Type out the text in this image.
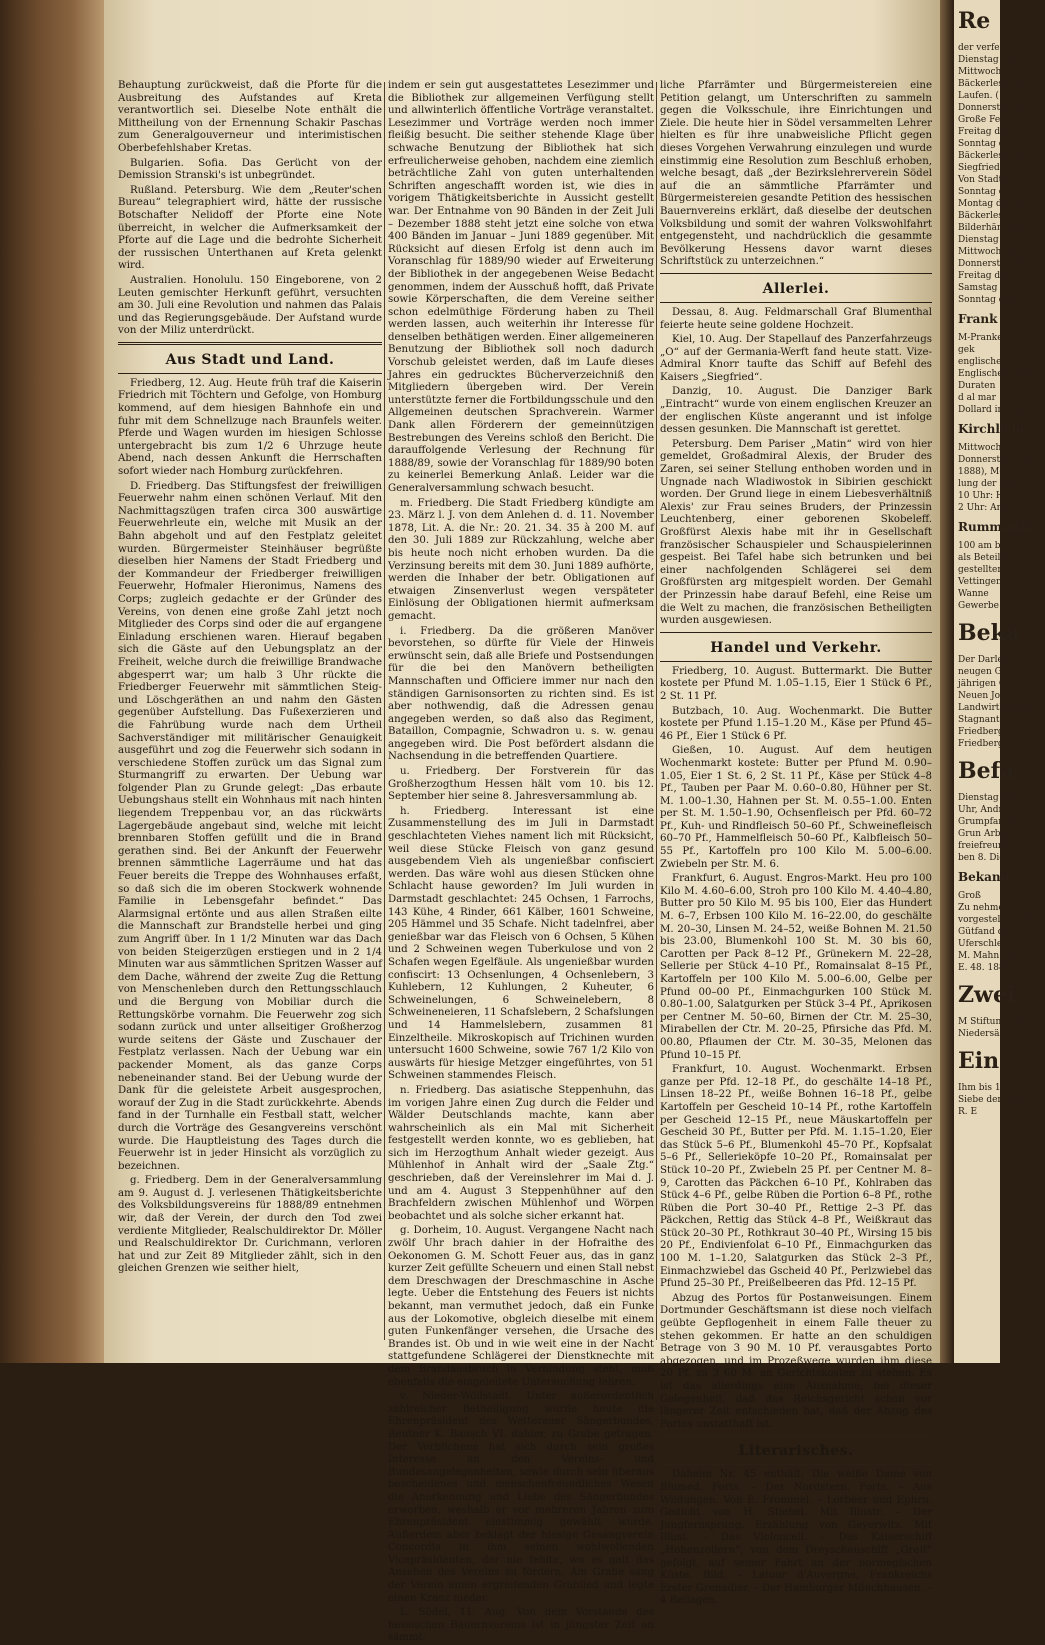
Behauptung zurückweist, daß die Pforte für die Ausbreitung des Aufstandes auf Kreta verantwortlich sei. Dieselbe Note enthält die Mittheilung von der Ernennung Schakir Paschas zum Generalgouverneur und interimistischen Oberbefehlshaber Kretas.

Bulgarien. Sofia. Das Gerücht von der Demission Stranski's ist unbegründet.

Rußland. Petersburg. Wie dem „Reuter'schen Bureau“ telegraphiert wird, hätte der russische Botschafter Nelidoff der Pforte eine Note überreicht, in welcher die Aufmerksamkeit der Pforte auf die Lage und die bedrohte Sicherheit der russischen Unterthanen auf Kreta gelenkt wird.

Australien. Honolulu. 150 Eingeborene, von 2 Leuten gemischter Herkunft geführt, versuchten am 30. Juli eine Revolution und nahmen das Palais und das Regierungsgebäude. Der Aufstand wurde von der Miliz unterdrückt.

Aus Stadt und Land.

Friedberg, 12. Aug. Heute früh traf die Kaiserin Friedrich mit Töchtern und Gefolge, von Homburg kommend, auf dem hiesigen Bahnhofe ein und fuhr mit dem Schnellzuge nach Braunfels weiter. Pferde und Wagen wurden im hiesigen Schlosse untergebracht bis zum 1/2 6 Uhrzuge heute Abend, nach dessen Ankunft die Herrschaften sofort wieder nach Homburg zurückfehren.

D. Friedberg. Das Stiftungsfest der freiwilligen Feuerwehr nahm einen schönen Verlauf. Mit den Nachmittagszügen trafen circa 300 auswärtige Feuerwehrleute ein, welche mit Musik an der Bahn abgeholt und auf den Festplatz geleitet wurden. Bürgermeister Steinhäuser begrüßte dieselben hier Namens der Stadt Friedberg und der Kommandeur der Friedberger freiwilligen Feuerwehr, Hofmaler Hieronimus, Namens des Corps; zugleich gedachte er der Gründer des Vereins, von denen eine große Zahl jetzt noch Mitglieder des Corps sind oder die auf ergangene Einladung erschienen waren. Hierauf begaben sich die Gäste auf den Uebungsplatz an der Freiheit, welche durch die freiwillige Brandwache abgesperrt war; um halb 3 Uhr rückte die Friedberger Feuerwehr mit sämmtlichen Steig- und Löschgeräthen an und nahm den Gästen gegenüber Aufstellung. Das Fußexerzieren und die Fahrübung wurde nach dem Urtheil Sachverständiger mit militärischer Genauigkeit ausgeführt und zog die Feuerwehr sich sodann in verschiedene Stoffen zurück um das Signal zum Sturmangriff zu erwarten. Der Uebung war folgender Plan zu Grunde gelegt: „Das erbaute Uebungshaus stellt ein Wohnhaus mit nach hinten liegendem Treppenbau vor, an das rückwärts Lagergebäude angebaut sind, welche mit leicht brennbaren Stoffen gefüllt und die in Brand gerathen sind. Bei der Ankunft der Feuerwehr brennen sämmtliche Lagerräume und hat das Feuer bereits die Treppe des Wohnhauses erfaßt, so daß sich die im oberen Stockwerk wohnende Familie in Lebensgefahr befindet.“ Das Alarmsignal ertönte und aus allen Straßen eilte die Mannschaft zur Brandstelle herbei und ging zum Angriff über. In 1 1/2 Minuten war das Dach von beiden Steigerzügen erstiegen und in 2 1/4 Minuten war aus sämmtlichen Spritzen Wasser auf dem Dache, während der zweite Zug die Rettung von Menschenleben durch den Rettungsschlauch und die Bergung von Mobiliar durch die Rettungskörbe vornahm. Die Feuerwehr zog sich sodann zurück und unter allseitiger Großherzog wurde seitens der Gäste und Zuschauer der Festplatz verlassen. Nach der Uebung war ein packender Moment, als das ganze Corps nebeneinander stand. Bei der Uebung wurde der Dank für die geleistete Arbeit ausgesprochen, worauf der Zug in die Stadt zurückkehrte. Abends fand in der Turnhalle ein Festball statt, welcher durch die Vorträge des Gesangvereins verschönt wurde. Die Hauptleistung des Tages durch die Feuerwehr ist in jeder Hinsicht als vorzüglich zu bezeichnen.

g. Friedberg. Dem in der Generalversammlung am 9. August d. J. verlesenen Thätigkeitsberichte des Volksbildungsvereins für 1888/89 entnehmen wir, daß der Verein, der durch den Tod zwei verdiente Mitglieder, Realschuldirektor Dr. Möller und Realschuldirektor Dr. Curichmann, verloren hat und zur Zeit 89 Mitglieder zählt, sich in den gleichen Grenzen wie seither hielt,

indem er sein gut ausgestattetes Lesezimmer und die Bibliothek zur allgemeinen Verfügung stellt und allwinterlich öffentliche Vorträge veranstaltet. Lesezimmer und Vorträge werden noch immer fleißig besucht. Die seither stehende Klage über schwache Benutzung der Bibliothek hat sich erfreulicherweise gehoben, nachdem eine ziemlich beträchtliche Zahl von guten unterhaltenden Schriften angeschafft worden ist, wie dies in vorigem Thätigkeitsberichte in Aussicht gestellt war. Der Entnahme von 90 Bänden in der Zeit Juli – Dezember 1888 steht jetzt eine solche von etwa 400 Bänden im Januar – Juni 1889 gegenüber. Mit Rücksicht auf diesen Erfolg ist denn auch im Voranschlag für 1889/90 wieder auf Erweiterung der Bibliothek in der angegebenen Weise Bedacht genommen, indem der Ausschuß hofft, daß Private sowie Körperschaften, die dem Vereine seither schon edelmüthige Förderung haben zu Theil werden lassen, auch weiterhin ihr Interesse für denselben bethätigen werden. Einer allgemeineren Benutzung der Bibliothek soll noch dadurch Vorschub geleistet werden, daß im Laufe dieses Jahres ein gedrucktes Bücherverzeichniß den Mitgliedern übergeben wird. Der Verein unterstützte ferner die Fortbildungsschule und den Allgemeinen deutschen Sprachverein. Warmer Dank allen Förderern der gemeinnützigen Bestrebungen des Vereins schloß den Bericht. Die darauffolgende Verlesung der Rechnung für 1888/89, sowie der Voranschlag für 1889/90 boten zu keinerlei Bemerkung Anlaß. Leider war die Generalversammlung schwach besucht.

m. Friedberg. Die Stadt Friedberg kündigte am 23. März l. J. von dem Anlehen d. d. 11. November 1878, Lit. A. die Nr.: 20. 21. 34. 35 à 200 M. auf den 30. Juli 1889 zur Rückzahlung, welche aber bis heute noch nicht erhoben wurden. Da die Verzinsung bereits mit dem 30. Juni 1889 aufhörte, werden die Inhaber der betr. Obligationen auf etwaigen Zinsenverlust wegen verspäteter Einlösung der Obligationen hiermit aufmerksam gemacht.

i. Friedberg. Da die größeren Manöver bevorstehen, so dürfte für Viele der Hinweis erwünscht sein, daß alle Briefe und Postsendungen für die bei den Manövern betheiligten Mannschaften und Officiere immer nur nach den ständigen Garnisonsorten zu richten sind. Es ist aber nothwendig, daß die Adressen genau angegeben werden, so daß also das Regiment, Bataillon, Compagnie, Schwadron u. s. w. genau angegeben wird. Die Post befördert alsdann die Nachsendung in die betreffenden Quartiere.

u. Friedberg. Der Forstverein für das Großherzogthum Hessen hält vom 10. bis 12. September hier seine 8. Jahresversammlung ab.

h. Friedberg. Interessant ist eine Zusammenstellung des im Juli in Darmstadt geschlachteten Viehes nament lich mit Rücksicht, weil diese Stücke Fleisch von ganz gesund ausgebendem Vieh als ungenießbar confisciert werden. Das wäre wohl aus diesen Stücken ohne Schlacht hause geworden? Im Juli wurden in Darmstadt geschlachtet: 245 Ochsen, 1 Farrochs, 143 Kühe, 4 Rinder, 661 Kälber, 1601 Schweine, 205 Hämmel und 35 Schafe. Nicht tadelnfrei, aber genießbar war das Fleisch von 6 Ochsen, 5 Kühen und 2 Schweinen wegen Tuberkulose und von 2 Schafen wegen Egelfäule. Als ungenießbar wurden confiscirt: 13 Ochsenlungen, 4 Ochsenlebern, 3 Kuhlebern, 12 Kuhlungen, 2 Kuheuter, 6 Schweinelungen, 6 Schweinelebern, 8 Schweineneieren, 11 Schafslebern, 2 Schafslungen und 14 Hammelslebern, zusammen 81 Einzeltheile. Mikroskopisch auf Trichinen wurden untersucht 1600 Schweine, sowie 767 1/2 Kilo von auswärts für hiesige Metzger eingeführtes, von 51 Schweinen stammendes Fleisch.

n. Friedberg. Das asiatische Steppenhuhn, das im vorigen Jahre einen Zug durch die Felder und Wälder Deutschlands machte, kann aber wahrscheinlich als ein Mal mit Sicherheit festgestellt werden konnte, wo es geblieben, hat sich im Herzogthum Anhalt wieder gezeigt. Aus Mühlenhof in Anhalt wird der „Saale Ztg.“ geschrieben, daß der Vereinslehrer im Mai d. J. und am 4. August 3 Steppenhühner auf den Brachfeldern zwischen Mühlenhof und Wörpen beobachtet und als solche sicher erkannt hat.

g. Dorheim, 10. August. Vergangene Nacht nach zwölf Uhr brach dahier in der Hofraithe des Oekonomen G. M. Schott Feuer aus, das in ganz kurzer Zeit gefüllte Scheuern und einen Stall nebst dem Dreschwagen der Dreschmaschine in Asche legte. Ueber die Entstehung des Feuers ist nichts bekannt, man vermuthet jedoch, daß ein Funke aus der Lokomotive, obgleich dieselbe mit einem guten Funkenfänger versehen, die Ursache des Brandes ist. Ob und in wie weit eine in der Nacht stattgefundene Schlägerei der Dienstknechte mit dem Brandausbruch in Verbindung steht, muß ebenfalls die eingeleitete Untersuchung lehren.

v. Nieder-Wöllstadt. Unter außerordentlich zahlreicher Betheiligung wurde heute die Ehrenpräsident des Wetterauer Sängerbundes, Rentner K. Bausch VI. dahier, zu Grabe getragen. Der Verblichene hat sich durch sein großes Interesse an den Vereins- und Bundesangelegenheiten, sowie durch sein überaus bescheidenes und menschenfreundliches Wesen die Anerkennung und Liebe des Sängerbundes erworben, weshalb er vor mehreren Jahren zum Ehrenpräsident einstimmig gewählt wurde. Außerdem aber beklagt der hiesige Gesangverein Concordia in ihm seinen wohlwollenden Vicepräsidenten, der nie fehlte, wo es galt das Ansehen des Vereins zu fördern. Am Grabe sang der Verein einen ergreifenden Grablied und legte einen Kranz nieder.

L. Södel, 11. Aug. Von dem Vorstande des hessischen Bauernvereins ist in jüngster Zeit an sämmt-

liche Pfarrämter und Bürgermeistereien eine Petition gelangt, um Unterschriften zu sammeln gegen die Volksschule, ihre Einrichtungen und Ziele. Die heute hier in Södel versammelten Lehrer hielten es für ihre unabweisliche Pflicht gegen dieses Vorgehen Verwahrung einzulegen und wurde einstimmig eine Resolution zum Beschluß erhoben, welche besagt, daß „der Bezirkslehrerverein Södel auf die an sämmtliche Pfarrämter und Bürgermeistereien gesandte Petition des hessischen Bauernvereins erklärt, daß dieselbe der deutschen Volksbildung und somit der wahren Volkswohlfahrt entgegensteht, und nachdrücklich die gesammte Bevölkerung Hessens davor warnt dieses Schriftstück zu unterzeichnen.“

Allerlei.

Dessau, 8. Aug. Feldmarschall Graf Blumenthal feierte heute seine goldene Hochzeit.

Kiel, 10. Aug. Der Stapellauf des Panzerfahrzeugs „O“ auf der Germania-Werft fand heute statt. Vize-Admiral Knorr taufte das Schiff auf Befehl des Kaisers „Siegfried“.

Danzig, 10. August. Die Danziger Bark „Eintracht“ wurde von einem englischen Kreuzer an der englischen Küste angerannt und ist infolge dessen gesunken. Die Mannschaft ist gerettet.

Petersburg. Dem Pariser „Matin“ wird von hier gemeldet, Großadmiral Alexis, der Bruder des Zaren, sei seiner Stellung enthoben worden und in Ungnade nach Wladiwostok in Sibirien geschickt worden. Der Grund liege in einem Liebesverhältniß Alexis' zur Frau seines Bruders, der Prinzessin Leuchtenberg, einer geborenen Skobeleff. Großfürst Alexis habe mit ihr in Gesellschaft französischer Schauspieler und Schauspielerinnen gespeist. Bei Tafel habe sich betrunken und bei einer nachfolgenden Schlägerei sei dem Großfürsten arg mitgespielt worden. Der Gemahl der Prinzessin habe darauf Befehl, eine Reise um die Welt zu machen, die französischen Betheiligten wurden ausgewiesen.

Handel und Verkehr.

Friedberg, 10. August. Buttermarkt. Die Butter kostete per Pfund M. 1.05–1.15, Eier 1 Stück 6 Pf., 2 St. 11 Pf.

Butzbach, 10. Aug. Wochenmarkt. Die Butter kostete per Pfund 1.15–1.20 M., Käse per Pfund 45–46 Pf., Eier 1 Stück 6 Pf.

Gießen, 10. August. Auf dem heutigen Wochenmarkt kostete: Butter per Pfund M. 0.90–1.05, Eier 1 St. 6, 2 St. 11 Pf., Käse per Stück 4–8 Pf., Tauben per Paar M. 0.60–0.80, Hühner per St. M. 1.00–1.30, Hahnen per St. M. 0.55–1.00. Enten per St. M. 1.50–1.90, Ochsenfleisch per Pfd. 60–72 Pf., Kuh- und Rindfleisch 50–60 Pf., Schweinefleisch 60–70 Pf., Hammelfleisch 50–60 Pf., Kalbfleisch 50–55 Pf., Kartoffeln pro 100 Kilo M. 5.00–6.00. Zwiebeln per Str. M. 6.

Frankfurt, 6. August. Engros-Markt. Heu pro 100 Kilo M. 4.60–6.00, Stroh pro 100 Kilo M. 4.40–4.80, Butter pro 50 Kilo M. 95 bis 100, Eier das Hundert M. 6–7, Erbsen 100 Kilo M. 16–22.00, do geschälte M. 20–30, Linsen M. 24–52, weiße Bohnen M. 21.50 bis 23.00, Blumenkohl 100 St. M. 30 bis 60, Carotten per Pack 8–12 Pf., Grünekern M. 22–28, Selleriе per Stück 4–10 Pf., Romainsalat 8–15 Pf., Kartoffeln per 100 Kilo M. 5.00–6.00, Gelbe per Pfund 00–00 Pf., Einmachgurken 100 Stück M. 0.80–1.00, Salatgurken per Stück 3–4 Pf., Aprikosen per Centner M. 50–60, Birnen der Ctr. M. 25–30, Mirabellen der Ctr. M. 20–25, Pfirsiche das Pfd. M. 00.80, Pflaumen der Ctr. M. 30–35, Melonen das Pfund 10–15 Pf.

Frankfurt, 10. August. Wochenmarkt. Erbsen ganze per Pfd. 12–18 Pf., do geschälte 14–18 Pf., Linsen 18–22 Pf., weiße Bohnen 16–18 Pf., gelbe Kartoffeln per Gescheid 10–14 Pf., rothe Kartoffeln per Gescheid 12–15 Pf., neue Mäuskartoffeln per Gescheid 30 Pf., Butter per Pfd. M. 1.15–1.20, Eier das Stück 5–6 Pf., Blumenkohl 45–70 Pf., Kopfsalat 5–6 Pf., Selleriеköpfe 10–20 Pf., Romainsalat per Stück 10–20 Pf., Zwiebeln 25 Pf. per Centner M. 8–9, Carotten das Päckchen 6–10 Pf., Kohlraben das Stück 4–6 Pf., gelbe Rüben die Portion 6–8 Pf., rothe Rüben die Port 30–40 Pf., Rettige 2–3 Pf. das Päckchen, Rettig das Stück 4–8 Pf., Weißkraut das Stück 20–30 Pf., Rothkraut 30–40 Pf., Wirsing 15 bis 20 Pf., Endivienfolat 6–10 Pf., Einmachgurken das 100 M. 1–1.20, Salatgurken das Stück 2–3 Pf., Einmachzwiebel das Gscheid 40 Pf., Perlzwiebel das Pfund 25–30 Pf., Preißelbeeren das Pfd. 12–15 Pf.

Abzug des Portos für Postanweisungen. Einem Dortmunder Geschäftsmann ist diese noch vielfach geübte Gepflogenheit in einem Falle theuer zu stehen gekommen. Er hatte an den schuldigen Betrage von 3 90 M. 10 Pf. verausgabtes Porto abgezogen, und im Prozeßwege wurden ihm diese 20 Pf. zu 3 60 M. an Gerichtskosten zu stehen. Es ist das allerdings eine Ausnahme, bei dieser Gelegenheit, daß das Reichsgericht schon vor längerer Zeit entschieden hat, daß der Abzug des Portos unstatthaft ist.

Literarisches.

Daheim Nr. 45 enthält: Die weiße Dame von Blumed. Forts. – Der Nordstern. Forts. – Aus Wildungen. Von E. Frommel. – Lorbeer und Ephru. Gedicht von H. Stiebel. Mit Illustr. – Der Jungfernsprung. Erzählung von Geyerwitz. Mit Illust. – Das Violoncell. – Das Kaiserschiff „Hohenzollern“, von dem Dreyschenschiff „Greif“ gefolgt, auf seiner Fahrt an der normegischen Küste. Bild. – Latour d'Auvergne, Frankreichs Erster Grenadier. – Der Hamburger Münchhausen. – 4 Beilagen.

Re
der verfeinigt
Dienstag den 13.
Mittwoch den 14
Bäckerlesfestplat
Laufen. (1. Z
Donnerstag den 15
Große Festt
Freitag den 16. A
Sonntag den 17.
Bäckerlesfestplat
Siegfried. (2
Von Stadtthea
Sonntag den 18
Montag den 19.
Bäckerlesfestplat
Bilderhämmern
Dienstag den 13.
Mittwoch den 14.
Donnerstag den 1
Freitag den 16. Au
Samstag den 17
Sonntag den 18
Frank
M-Prankenflücke
gek
englische Sove
Englische Impre
Duraten
d al mar
Dollard in Gold
Kirchliche
Mittwoch 5 Uhr
Donnerstag: Bei
1888), Morgen
lung der Bekl
10 Uhr: Ha
2 Uhr: Andr
Rummagar
100 am breit,
als Beteiligte
gestellten
Vettingen
Wanne
Gewerbe
Beka
Der Darlehe
neugen Genoß
jährigen Ge
Neuen Johannis
Landwirthschaft
Stagnant Bad
Friedberg
Friedberg
Befa
Dienstag den
Uhr, Andreas
Grumpfanwie
Grun Arbeiten
freiefreundli
ben 8. Die Fu
Bekann
Groß
Zu nehme bis
vorgestellt. Billig
Gütfand des
Uferschlein
M. Mahn der
E. 48. 1888
Zwei
M Stiftungsfest
Niedersäß hab
Ein
Ihm bis 1. Ot
Siebe der Gnit
R. E
